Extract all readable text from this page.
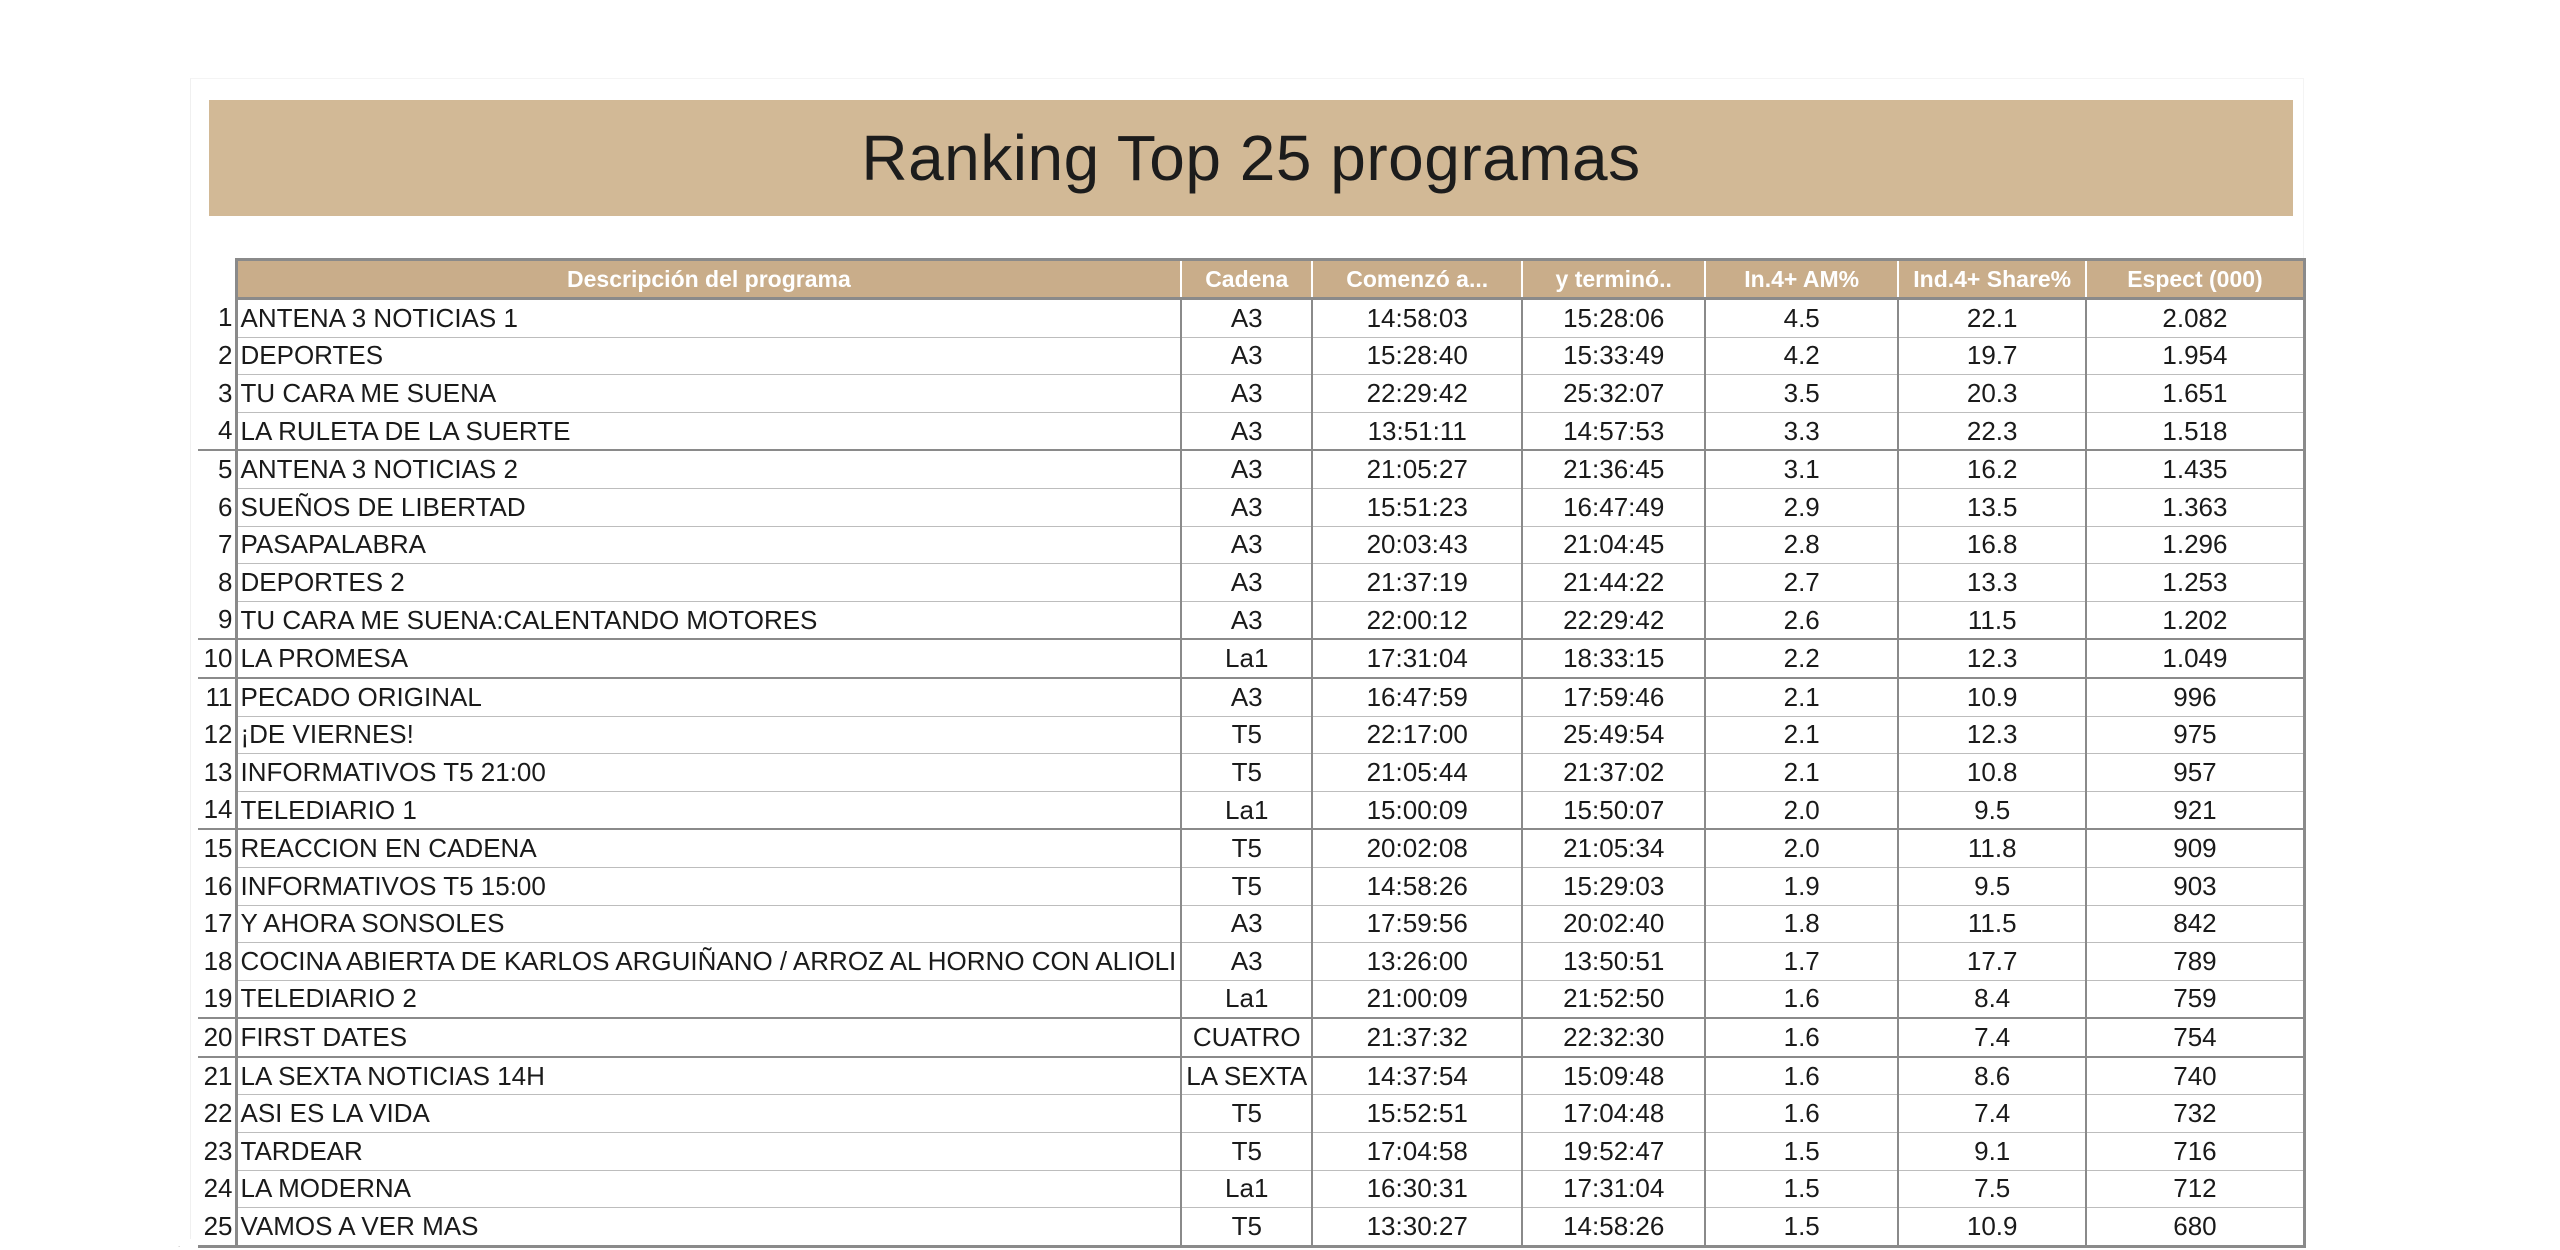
Ranking Top 25 programas
	Descripción del programa	Cadena	Comenzó a...	y terminó..	In.4+ AM%	Ind.4+ Share%	Espect (000)
1	ANTENA 3 NOTICIAS 1	A3	14:58:03	15:28:06	4.5	22.1	2.082
2	DEPORTES	A3	15:28:40	15:33:49	4.2	19.7	1.954
3	TU CARA ME SUENA	A3	22:29:42	25:32:07	3.5	20.3	1.651
4	LA RULETA DE LA SUERTE	A3	13:51:11	14:57:53	3.3	22.3	1.518
5	ANTENA 3 NOTICIAS 2	A3	21:05:27	21:36:45	3.1	16.2	1.435
6	SUEÑOS DE LIBERTAD	A3	15:51:23	16:47:49	2.9	13.5	1.363
7	PASAPALABRA	A3	20:03:43	21:04:45	2.8	16.8	1.296
8	DEPORTES 2	A3	21:37:19	21:44:22	2.7	13.3	1.253
9	TU CARA ME SUENA:CALENTANDO MOTORES	A3	22:00:12	22:29:42	2.6	11.5	1.202
10	LA PROMESA	La1	17:31:04	18:33:15	2.2	12.3	1.049
11	PECADO ORIGINAL	A3	16:47:59	17:59:46	2.1	10.9	996
12	¡DE VIERNES!	T5	22:17:00	25:49:54	2.1	12.3	975
13	INFORMATIVOS T5 21:00	T5	21:05:44	21:37:02	2.1	10.8	957
14	TELEDIARIO 1	La1	15:00:09	15:50:07	2.0	9.5	921
15	REACCION EN CADENA	T5	20:02:08	21:05:34	2.0	11.8	909
16	INFORMATIVOS T5 15:00	T5	14:58:26	15:29:03	1.9	9.5	903
17	Y AHORA SONSOLES	A3	17:59:56	20:02:40	1.8	11.5	842
18	COCINA ABIERTA DE KARLOS ARGUIÑANO / ARROZ AL HORNO CON ALIOLI	A3	13:26:00	13:50:51	1.7	17.7	789
19	TELEDIARIO 2	La1	21:00:09	21:52:50	1.6	8.4	759
20	FIRST DATES	CUATRO	21:37:32	22:32:30	1.6	7.4	754
21	LA SEXTA NOTICIAS 14H	LA SEXTA	14:37:54	15:09:48	1.6	8.6	740
22	ASI ES LA VIDA	T5	15:52:51	17:04:48	1.6	7.4	732
23	TARDEAR	T5	17:04:58	19:52:47	1.5	9.1	716
24	LA MODERNA	La1	16:30:31	17:31:04	1.5	7.5	712
25	VAMOS A VER MAS	T5	13:30:27	14:58:26	1.5	10.9	680
.
